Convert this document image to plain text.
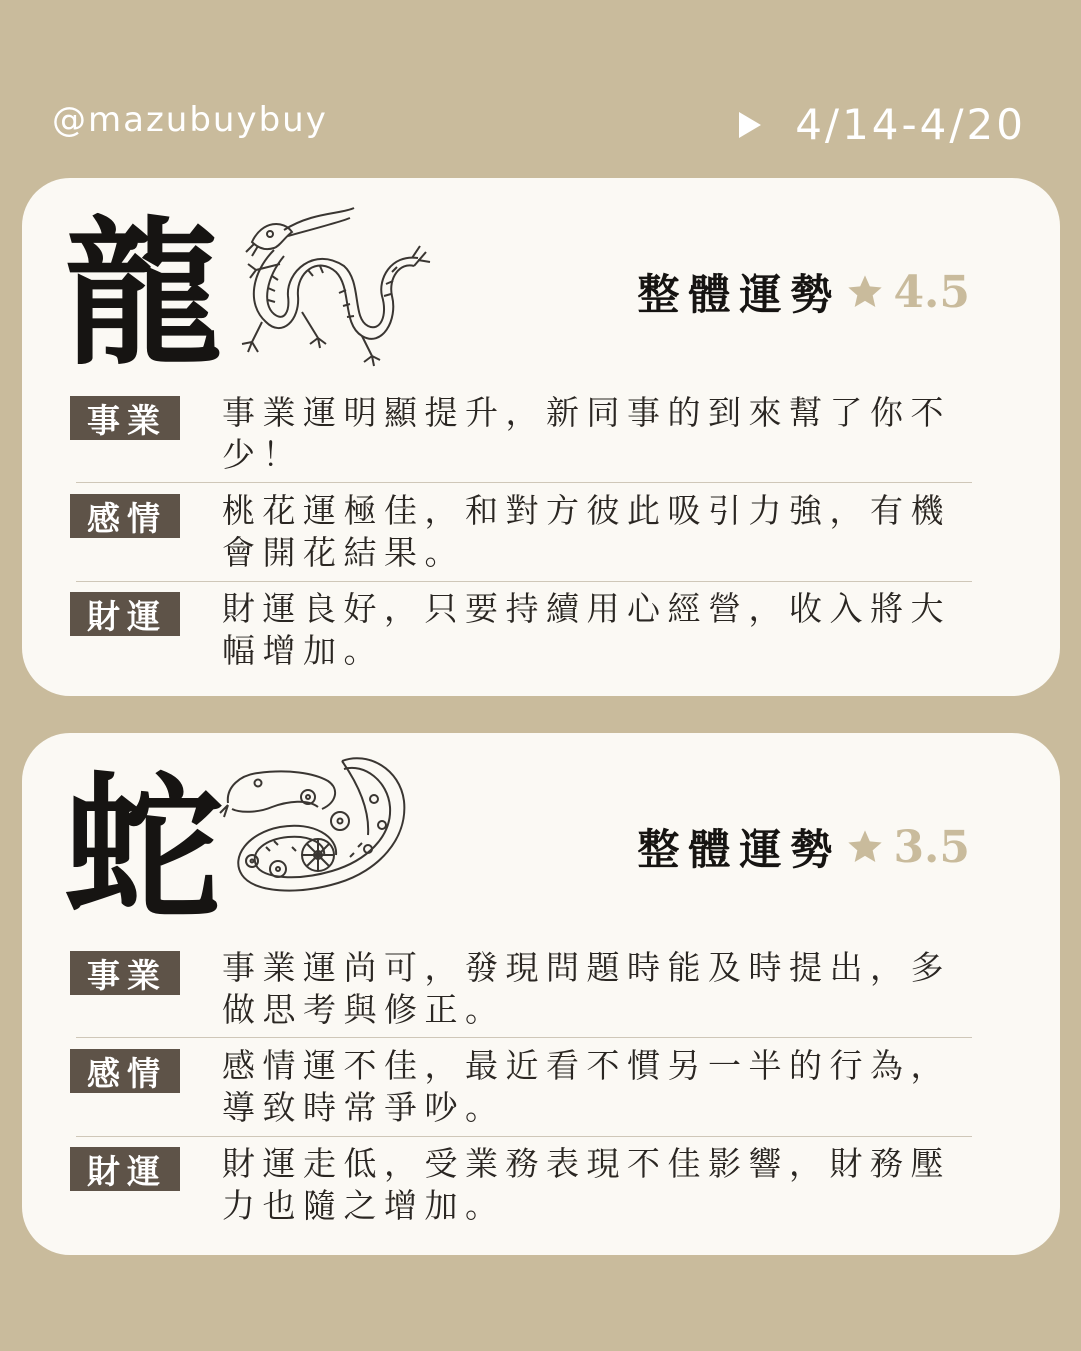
@mazubuybuy	4/14-4/20
龍	整體運勢 4.5
事業	事業運明顯提升，新同事的到來幫了你不少！
感情	桃花運極佳，和對方彼此吸引力強，有機會開花結果。
財運	財運良好，只要持續用心經營，收入將大幅增加。
蛇	整體運勢 3.5
事業	事業運尚可，發現問題時能及時提出，多做思考與修正。
感情	感情運不佳，最近看不慣另一半的行為，導致時常爭吵。
財運	財運走低，受業務表現不佳影響，財務壓力也隨之增加。
